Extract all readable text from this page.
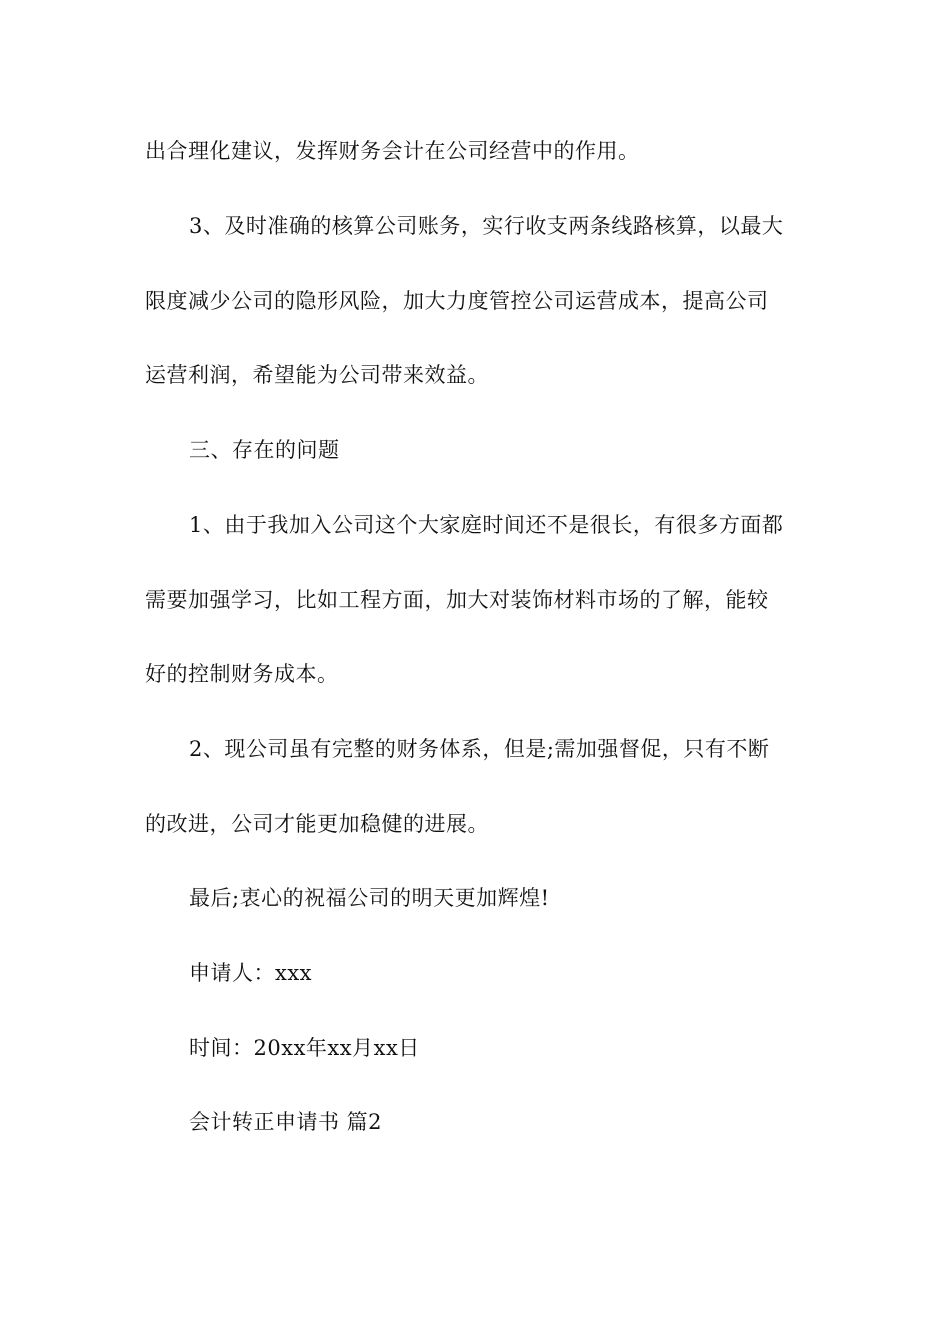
出合理化建议，发挥财务会计在公司经营中的作用。
3、及时准确的核算公司账务，实行收支两条线路核算，以最大
限度减少公司的隐形风险，加大力度管控公司运营成本，提高公司
运营利润，希望能为公司带来效益。
三、存在的问题
1、由于我加入公司这个大家庭时间还不是很长，有很多方面都
需要加强学习，比如工程方面，加大对装饰材料市场的了解，能较
好的控制财务成本。
2、现公司虽有完整的财务体系，但是;需加强督促，只有不断
的改进，公司才能更加稳健的进展。
最后;衷心的祝福公司的明天更加辉煌!
申请人：xxx
时间：20xx年xx月xx日
会计转正申请书 篇2
